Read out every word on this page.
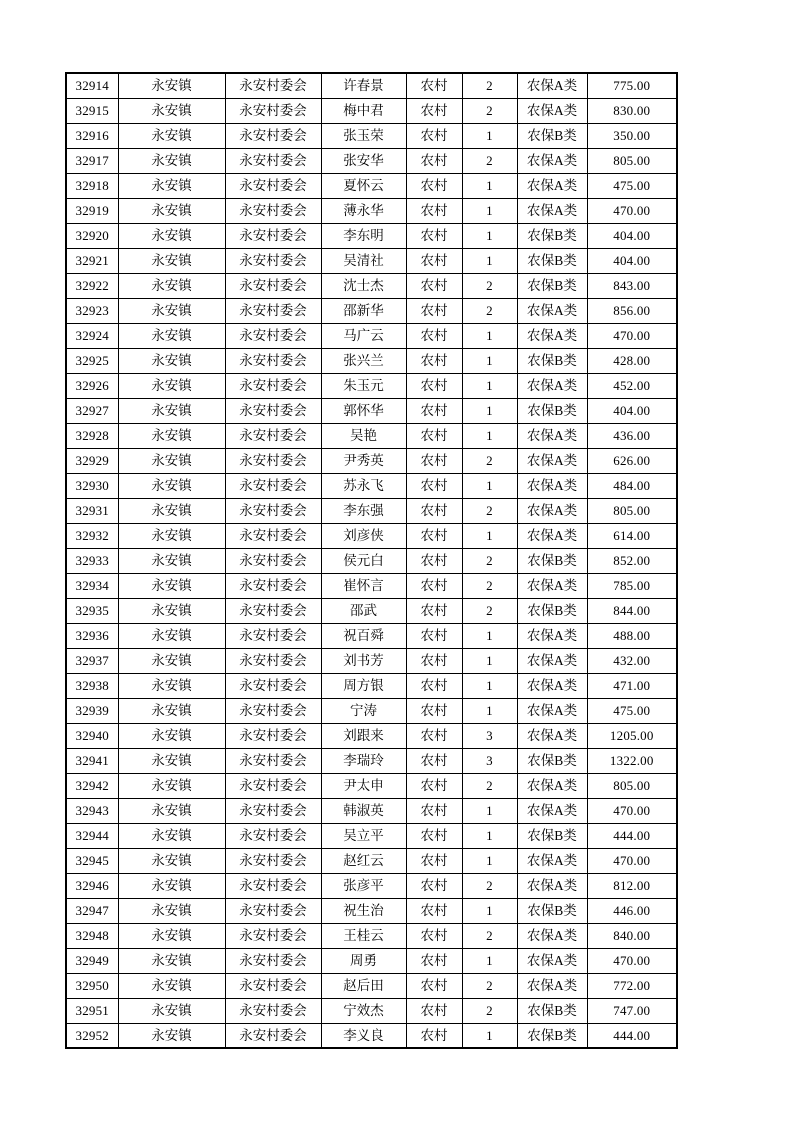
32914	永安镇	永安村委会	许春景	农村	2	农保A类	775.00
32915	永安镇	永安村委会	梅中君	农村	2	农保A类	830.00
32916	永安镇	永安村委会	张玉荣	农村	1	农保B类	350.00
32917	永安镇	永安村委会	张安华	农村	2	农保A类	805.00
32918	永安镇	永安村委会	夏怀云	农村	1	农保A类	475.00
32919	永安镇	永安村委会	薄永华	农村	1	农保A类	470.00
32920	永安镇	永安村委会	李东明	农村	1	农保B类	404.00
32921	永安镇	永安村委会	吴清社	农村	1	农保B类	404.00
32922	永安镇	永安村委会	沈士杰	农村	2	农保B类	843.00
32923	永安镇	永安村委会	邵新华	农村	2	农保A类	856.00
32924	永安镇	永安村委会	马广云	农村	1	农保A类	470.00
32925	永安镇	永安村委会	张兴兰	农村	1	农保B类	428.00
32926	永安镇	永安村委会	朱玉元	农村	1	农保A类	452.00
32927	永安镇	永安村委会	郭怀华	农村	1	农保B类	404.00
32928	永安镇	永安村委会	吴艳	农村	1	农保A类	436.00
32929	永安镇	永安村委会	尹秀英	农村	2	农保A类	626.00
32930	永安镇	永安村委会	苏永飞	农村	1	农保A类	484.00
32931	永安镇	永安村委会	李东强	农村	2	农保A类	805.00
32932	永安镇	永安村委会	刘彦侠	农村	1	农保A类	614.00
32933	永安镇	永安村委会	侯元白	农村	2	农保B类	852.00
32934	永安镇	永安村委会	崔怀言	农村	2	农保A类	785.00
32935	永安镇	永安村委会	邵武	农村	2	农保B类	844.00
32936	永安镇	永安村委会	祝百舜	农村	1	农保A类	488.00
32937	永安镇	永安村委会	刘书芳	农村	1	农保A类	432.00
32938	永安镇	永安村委会	周方银	农村	1	农保A类	471.00
32939	永安镇	永安村委会	宁涛	农村	1	农保A类	475.00
32940	永安镇	永安村委会	刘跟来	农村	3	农保A类	1205.00
32941	永安镇	永安村委会	李瑞玲	农村	3	农保B类	1322.00
32942	永安镇	永安村委会	尹太申	农村	2	农保A类	805.00
32943	永安镇	永安村委会	韩淑英	农村	1	农保A类	470.00
32944	永安镇	永安村委会	吴立平	农村	1	农保B类	444.00
32945	永安镇	永安村委会	赵红云	农村	1	农保A类	470.00
32946	永安镇	永安村委会	张彦平	农村	2	农保A类	812.00
32947	永安镇	永安村委会	祝生治	农村	1	农保B类	446.00
32948	永安镇	永安村委会	王桂云	农村	2	农保A类	840.00
32949	永安镇	永安村委会	周勇	农村	1	农保A类	470.00
32950	永安镇	永安村委会	赵后田	农村	2	农保A类	772.00
32951	永安镇	永安村委会	宁效杰	农村	2	农保B类	747.00
32952	永安镇	永安村委会	李义良	农村	1	农保B类	444.00
